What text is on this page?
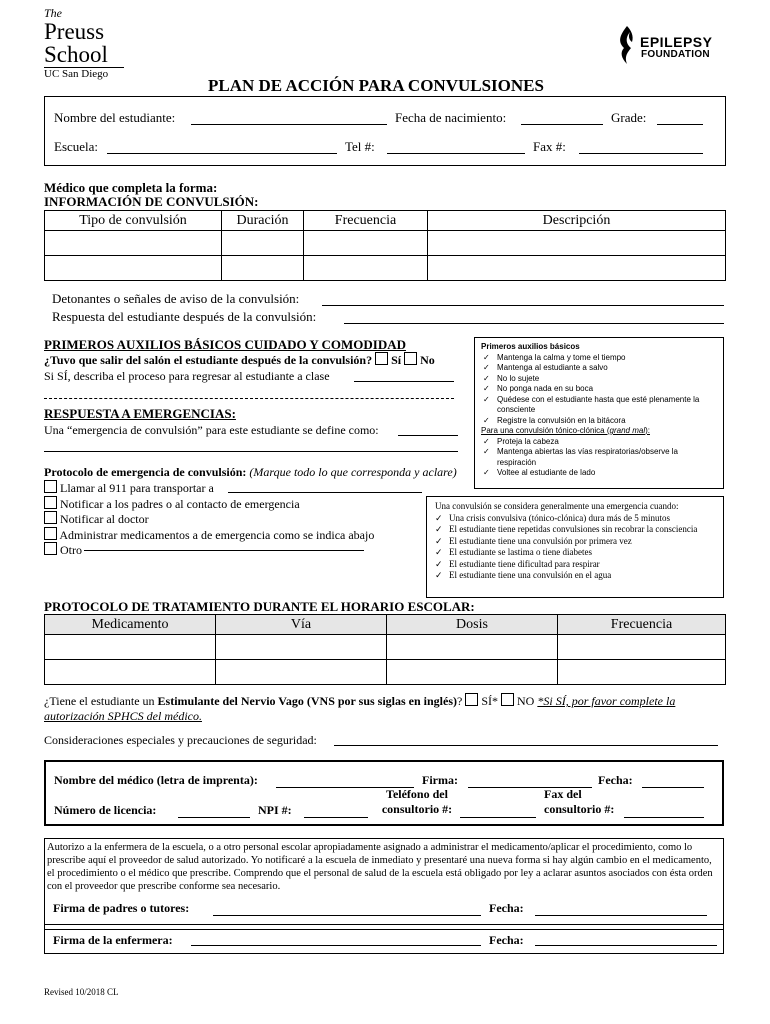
The
Preuss
School
UC San Diego
EPILEPSY
FOUNDATION
PLAN DE ACCIÓN PARA CONVULSIONES
Nombre del estudiante:	Fecha de nacimiento:	Grade:
Escuela:	Tel #:	Fax #:
Médico que completa la forma:
INFORMACIÓN DE CONVULSIÓN:
Tipo de convulsión	Duración	Frecuencia	Descripción

Detonantes o señales de aviso de la convulsión:
Respuesta del estudiante después de la convulsión:
PRIMEROS AUXILIOS BÁSICOS CUIDADO Y COMODIDAD
¿Tuvo que salir del salón el estudiante después de la convulsión? Sí No
Si SÍ, describa el proceso para regresar al estudiante a clase
Primeros auxilios básicos
✓ Mantenga la calma y tome el tiempo
✓ Mantenga al estudiante a salvo
✓ No lo sujete
✓ No ponga nada en su boca
✓ Quédese con el estudiante hasta que esté plenamente la consciente
✓ Registre la convulsión en la bitácora
Para una convulsión tónico-clónica (grand mal):
✓ Proteja la cabeza
✓ Mantenga abiertas las vías respiratorias/observe la respiración
✓ Voltee al estudiante de lado
RESPUESTA A EMERGENCIAS:
Una “emergencia de convulsión” para este estudiante se define como:
Protocolo de emergencia de convulsión: (Marque todo lo que corresponda y aclare)
Llamar al 911 para transportar a
Notificar a los padres o al contacto de emergencia
Notificar al doctor
Administrar medicamentos a de emergencia como se indica abajo
Otro
Una convulsión se considera generalmente una emergencia cuando:
✓ Una crisis convulsiva (tónico-clónica) dura más de 5 minutos
✓ El estudiante tiene repetidas convulsiones sin recobrar la consciencia
✓ El estudiante tiene una convulsión por primera vez
✓ El estudiante se lastima o tiene diabetes
✓ El estudiante tiene dificultad para respirar
✓ El estudiante tiene una convulsión en el agua
PROTOCOLO DE TRATAMIENTO DURANTE EL HORARIO ESCOLAR:
Medicamento	Vía	Dosis	Frecuencia

¿Tiene el estudiante un Estimulante del Nervio Vago (VNS por sus siglas en inglés)? SÍ* NO *Si SÍ, por favor complete la autorización SPHCS del médico.
Consideraciones especiales y precauciones de seguridad:
Nombre del médico (letra de imprenta):	Firma:	Fecha:
Número de licencia:	NPI #:
Teléfono del consultorio #:
Fax del consultorio #:
Autorizo a la enfermera de la escuela, o a otro personal escolar apropiadamente asignado a administrar el medicamento/aplicar el procedimiento, como lo prescribe aquí el proveedor de salud autorizado. Yo notificaré a la escuela de inmediato y presentaré una nueva forma si hay algún cambio en el medicamento, el procedimiento o el médico que prescribe. Comprendo que el personal de salud de la escuela está obligado por ley a aclarar asuntos asociados con ésta orden con el proveedor que prescribe conforme sea necesario.
Firma de padres o tutores:	Fecha:
Firma de la enfermera:	Fecha:
Revised 10/2018 CL
